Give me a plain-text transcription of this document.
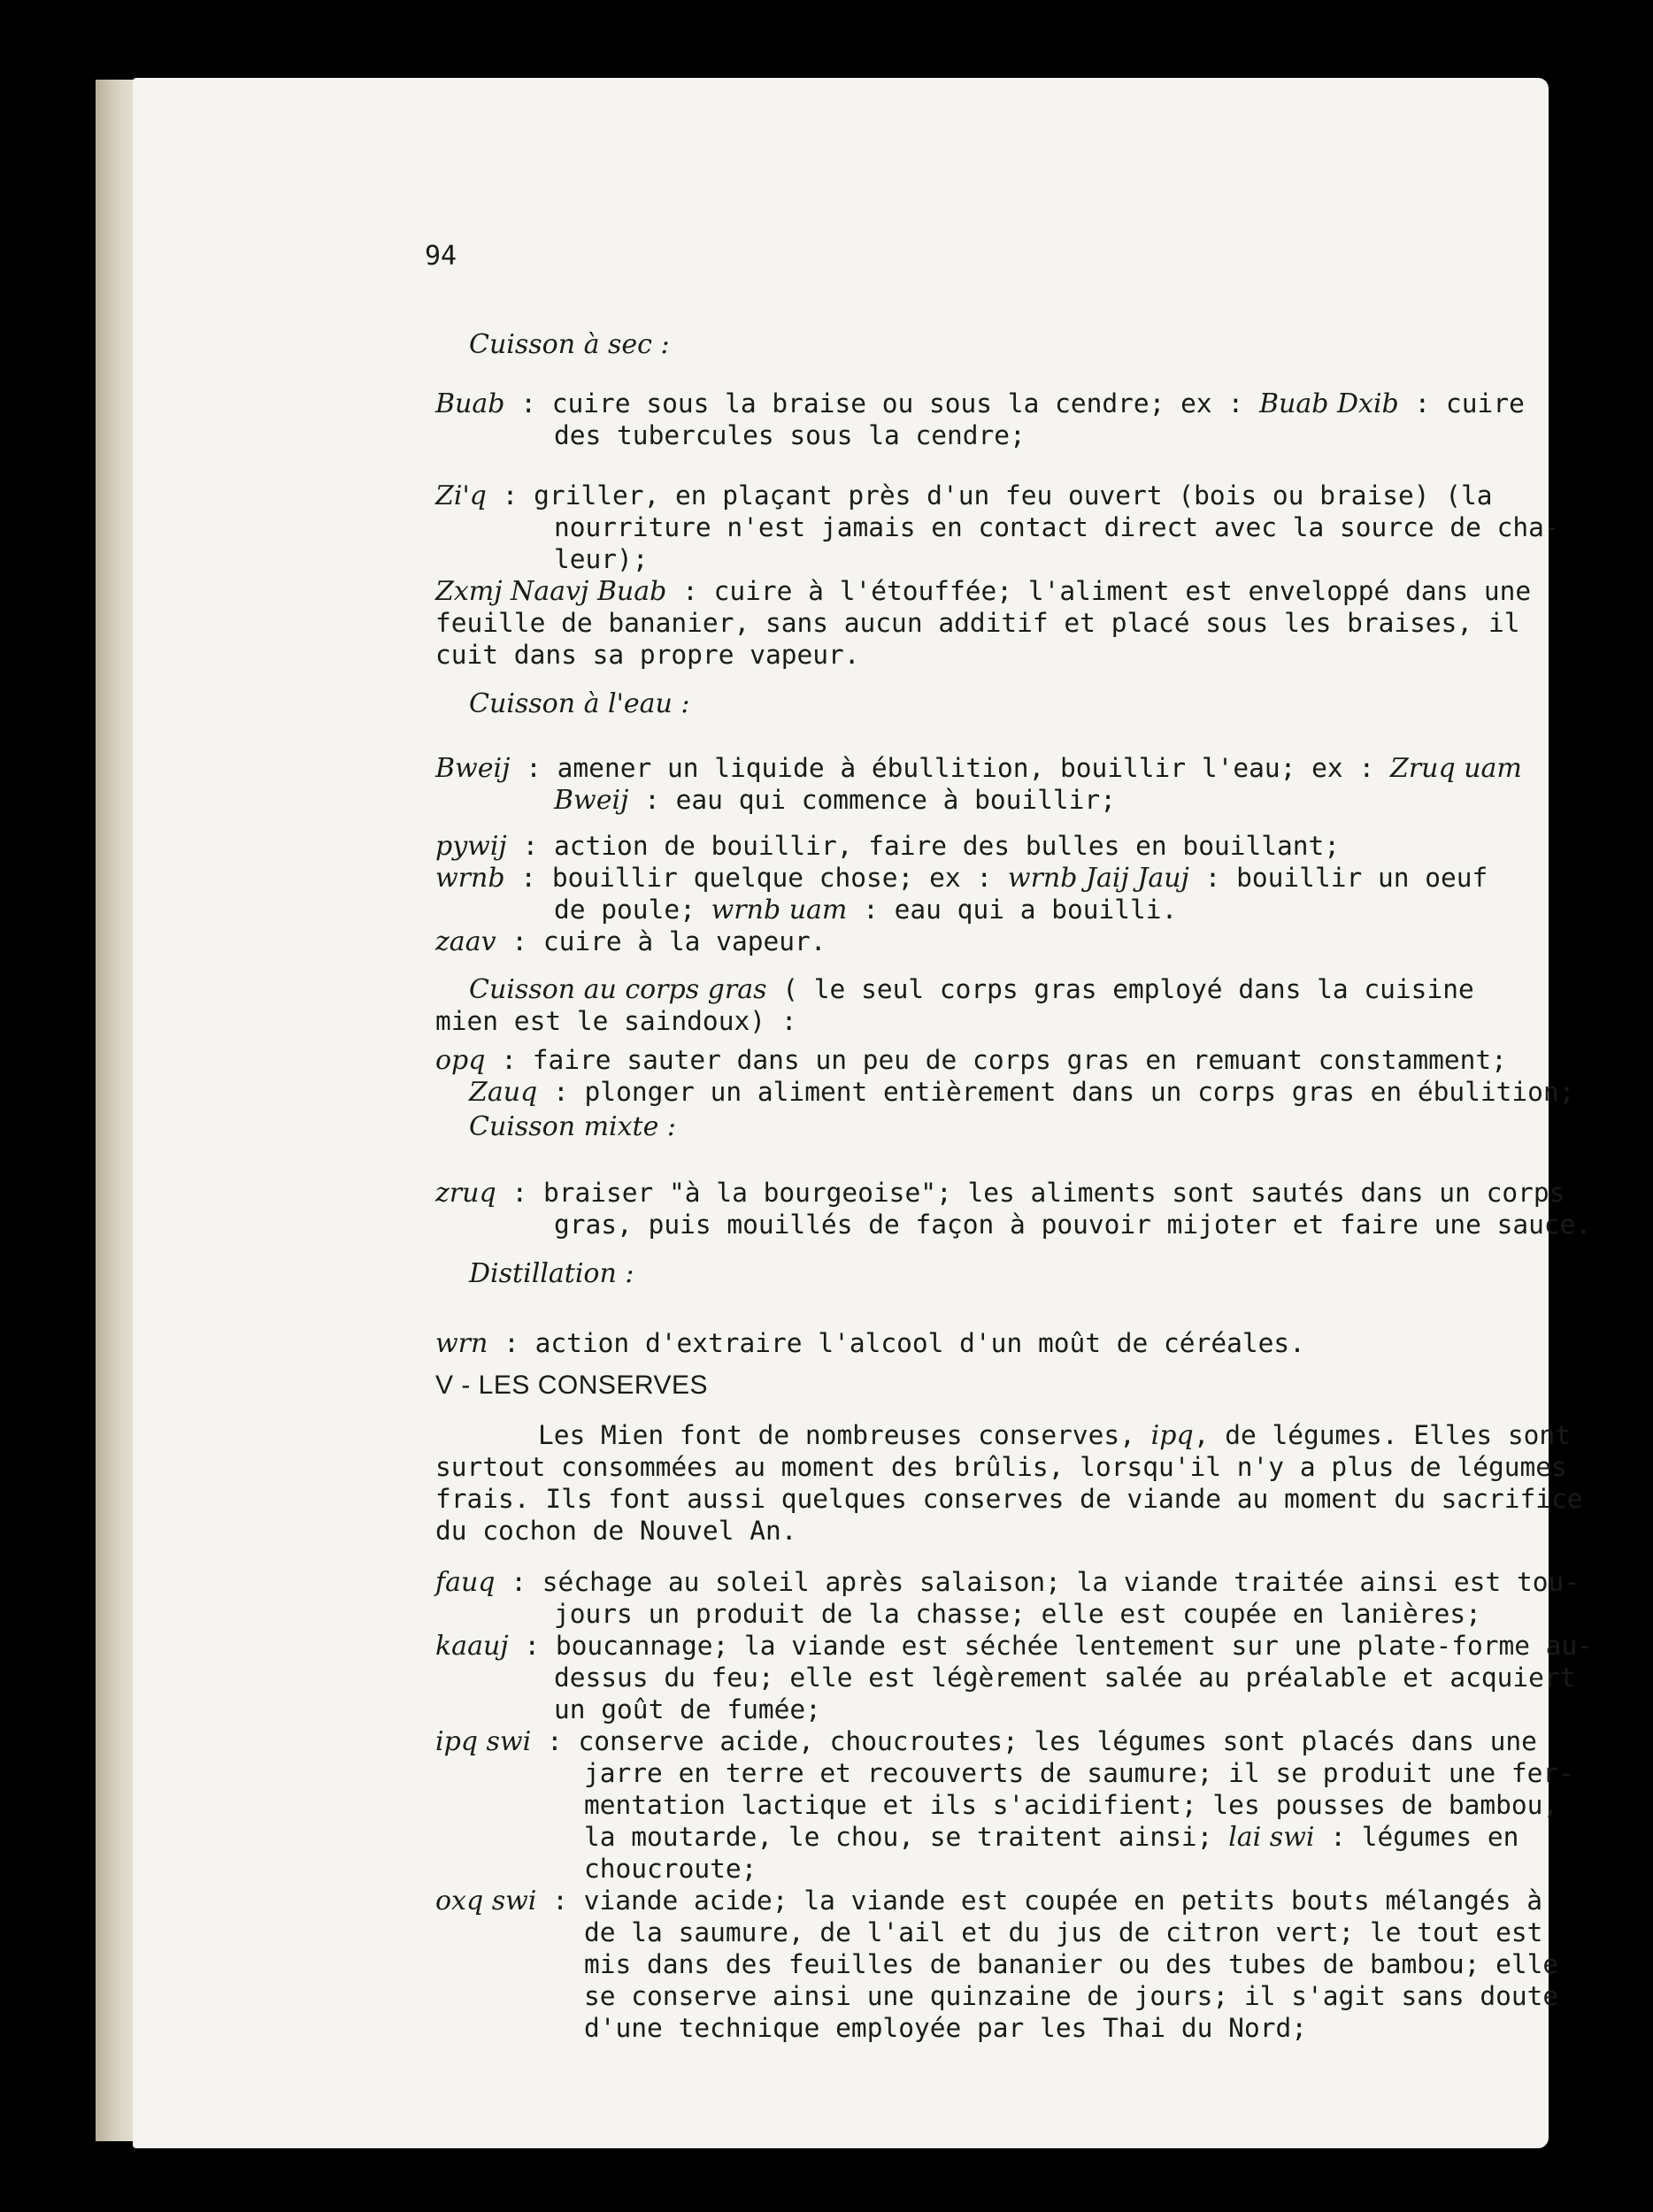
94
Cuisson à sec :
Buab : cuire sous la braise ou sous la cendre; ex : Buab Dxib : cuire
des tubercules sous la cendre;
Zi'q : griller, en plaçant près d'un feu ouvert (bois ou braise) (la
nourriture n'est jamais en contact direct avec la source de cha-
leur);
Zxmj Naavj Buab : cuire à l'étouffée; l'aliment est enveloppé dans une
feuille de bananier, sans aucun additif et placé sous les braises, il
cuit dans sa propre vapeur.
Cuisson à l'eau :
Bweij : amener un liquide à ébullition, bouillir l'eau; ex : Zruq uam
Bweij : eau qui commence à bouillir;
pywij : action de bouillir, faire des bulles en bouillant;
wrnb : bouillir quelque chose; ex : wrnb Jaij Jauj : bouillir un oeuf
de poule; wrnb uam : eau qui a bouilli.
zaav : cuire à la vapeur.
Cuisson au corps gras ( le seul corps gras employé dans la cuisine
mien est le saindoux) :
opq : faire sauter dans un peu de corps gras en remuant constamment;
Zauq : plonger un aliment entièrement dans un corps gras en ébulition;
Cuisson mixte :
zruq : braiser "à la bourgeoise"; les aliments sont sautés dans un corps
gras, puis mouillés de façon à pouvoir mijoter et faire une sauce.
Distillation :
wrn : action d'extraire l'alcool d'un moût de céréales.
V - LES CONSERVES
Les Mien font de nombreuses conserves, ipq, de légumes. Elles sont
surtout consommées au moment des brûlis, lorsqu'il n'y a plus de légumes
frais. Ils font aussi quelques conserves de viande au moment du sacrifice
du cochon de Nouvel An.
fauq : séchage au soleil après salaison; la viande traitée ainsi est tou-
jours un produit de la chasse; elle est coupée en lanières;
kaauj : boucannage; la viande est séchée lentement sur une plate-forme au-
dessus du feu; elle est légèrement salée au préalable et acquiert
un goût de fumée;
ipq swi : conserve acide, choucroutes; les légumes sont placés dans une
jarre en terre et recouverts de saumure; il se produit une fer-
mentation lactique et ils s'acidifient; les pousses de bambou,
la moutarde, le chou, se traitent ainsi; lai swi : légumes en
choucroute;
oxq swi : viande acide; la viande est coupée en petits bouts mélangés à
de la saumure, de l'ail et du jus de citron vert; le tout est
mis dans des feuilles de bananier ou des tubes de bambou; elle
se conserve ainsi une quinzaine de jours; il s'agit sans doute
d'une technique employée par les Thai du Nord;
